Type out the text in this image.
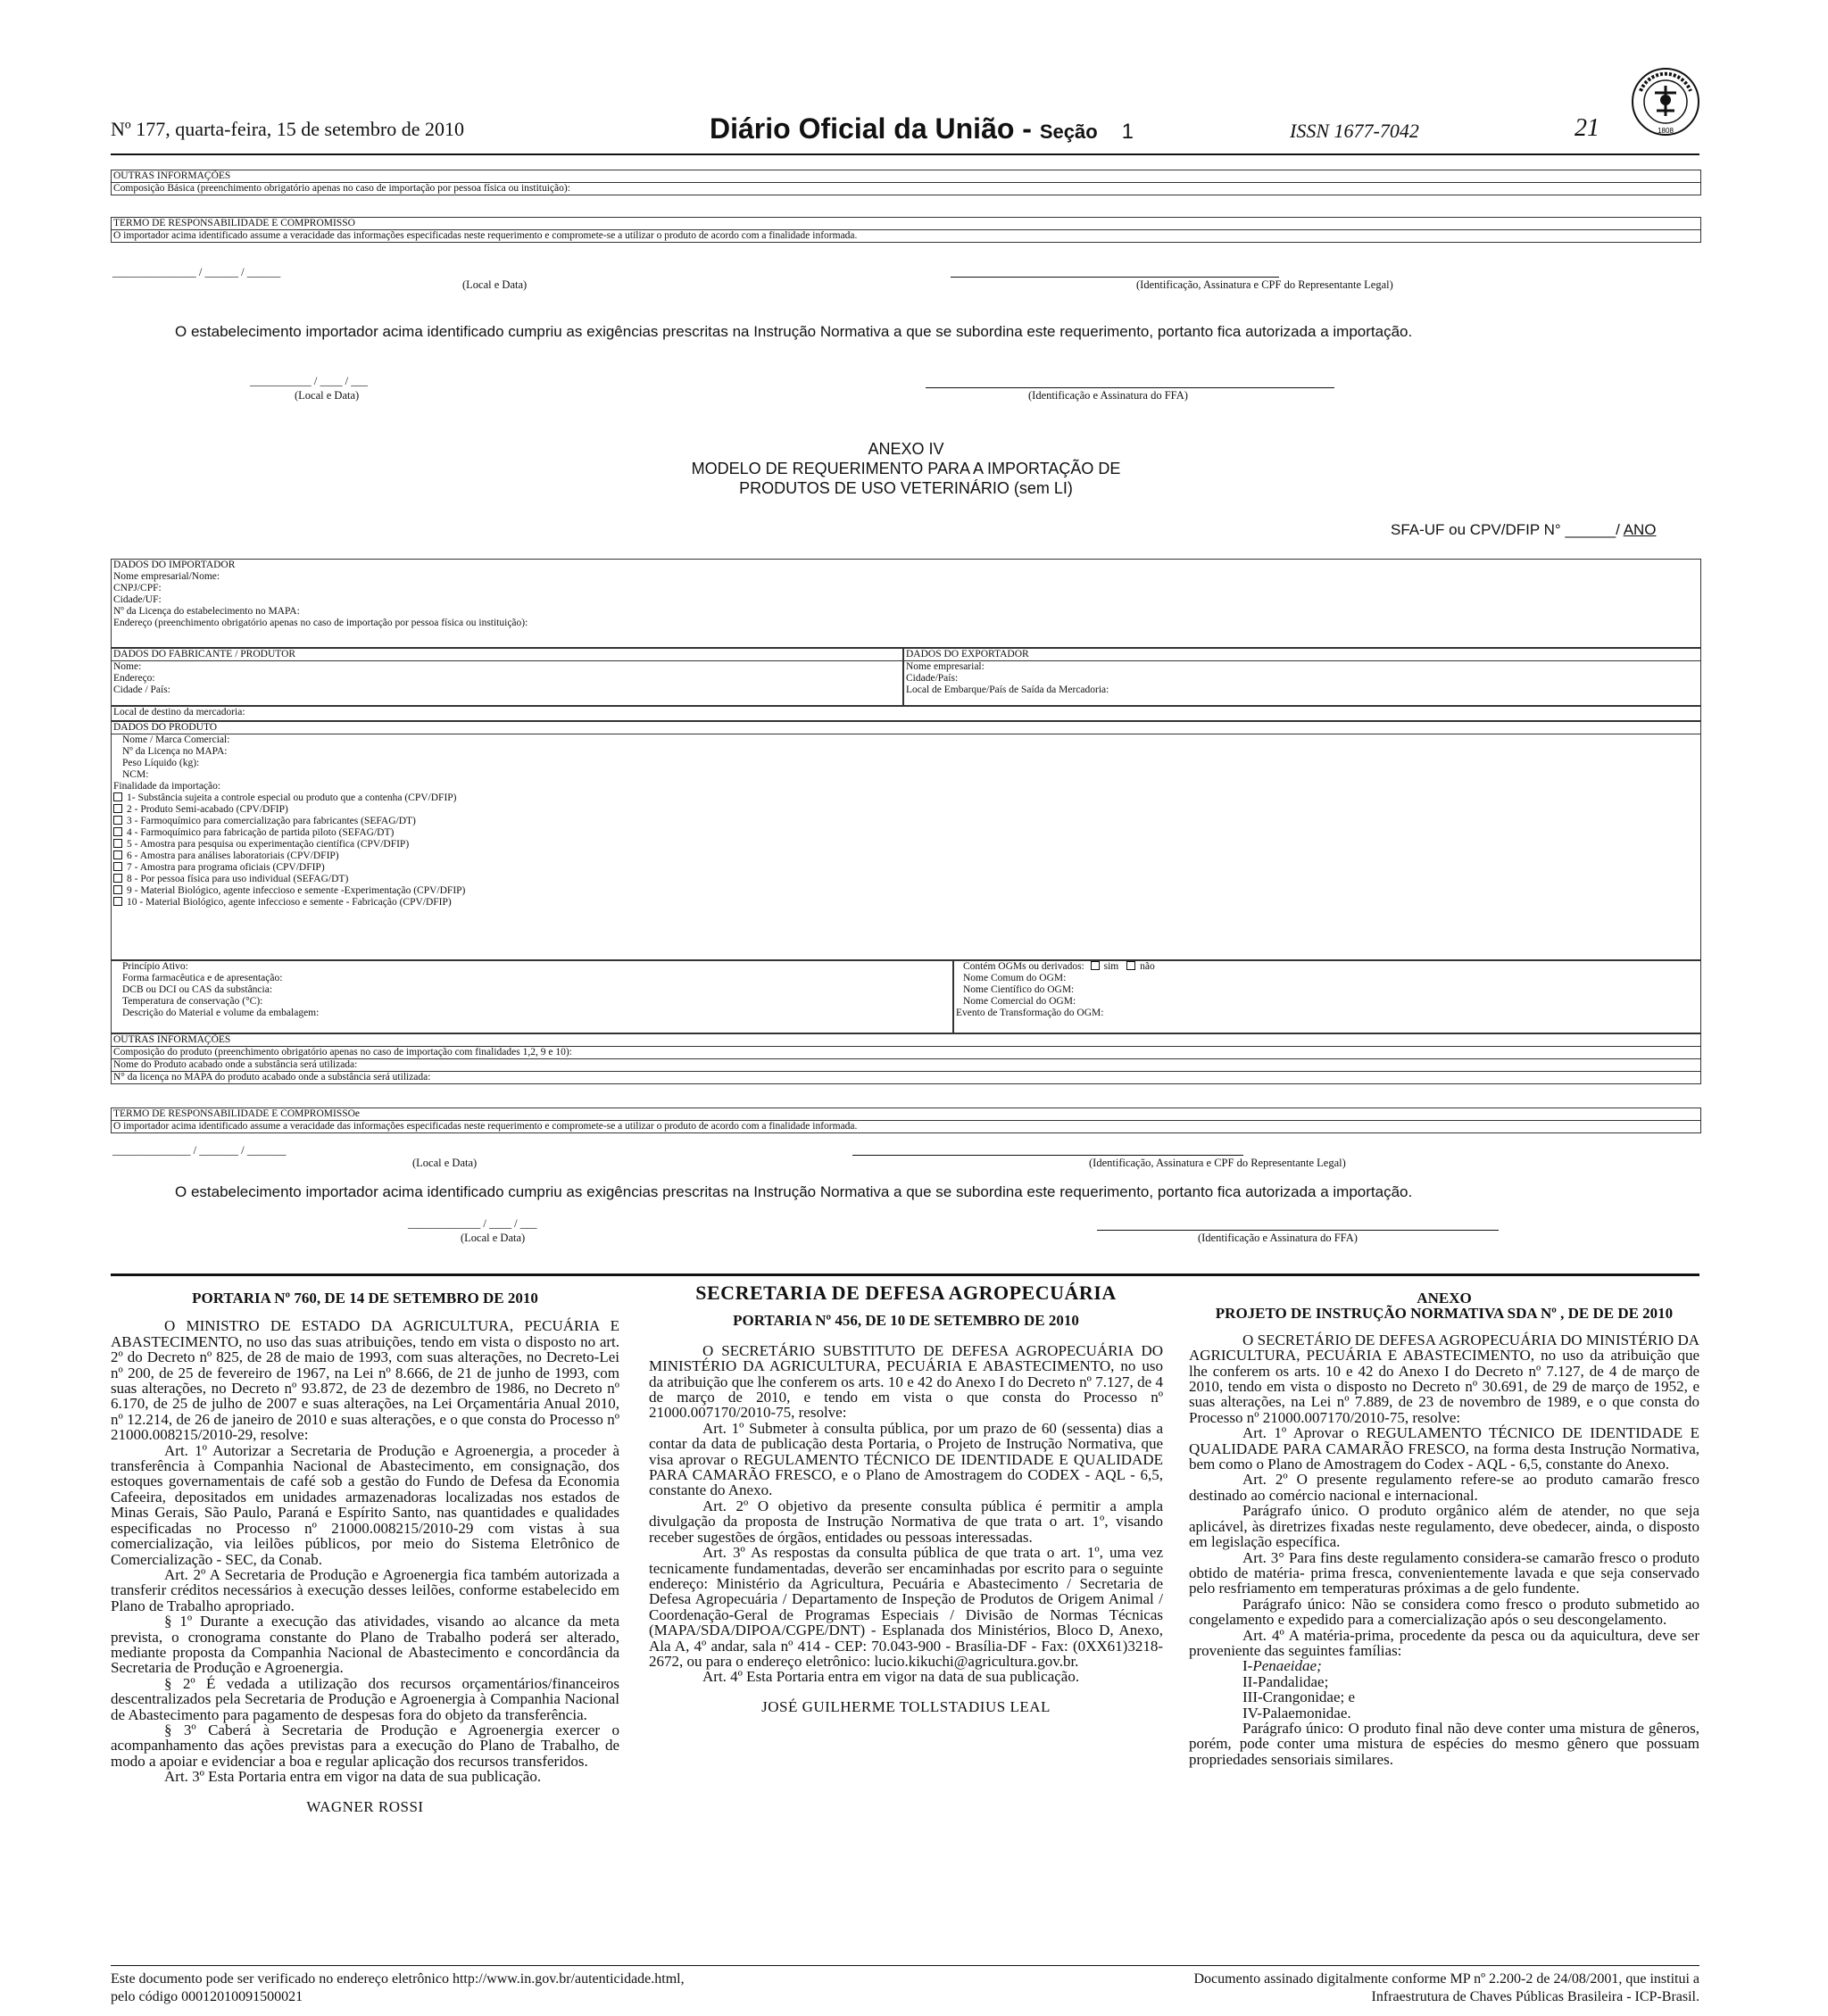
Nº 177, quarta-feira, 15 de setembro de 2010	Diário Oficial da União - Seção 1	ISSN 1677-7042	21	1808
OUTRAS INFORMAÇÕES
Composição Básica (preenchimento obrigatório apenas no caso de importação por pessoa física ou instituição):
TERMO DE RESPONSABILIDADE E COMPROMISSO
O importador acima identificado assume a veracidade das informações especificadas neste requerimento e compromete-se a utilizar o produto de acordo com a finalidade informada.
_______________ / ______ / ______
(Local e Data)	(Identificação, Assinatura e CPF do Representante Legal)
O estabelecimento importador acima identificado cumpriu as exigências prescritas na Instrução Normativa a que se subordina este requerimento, portanto fica autorizada a importação.
___________ / ____ / ___
(Local e Data)	(Identificação e Assinatura do FFA)
ANEXO IV
MODELO DE REQUERIMENTO PARA A IMPORTAÇÃO DE
PRODUTOS DE USO VETERINÁRIO (sem LI)
SFA-UF ou CPV/DFIP N° ______/ ANO
DADOS DO IMPORTADOR
Nome empresarial/Nome:
CNPJ/CPF:
Cidade/UF:
Nº da Licença do estabelecimento no MAPA:
Endereço (preenchimento obrigatório apenas no caso de importação por pessoa física ou instituição):
DADOS DO FABRICANTE / PRODUTOR
Nome:
Endereço:
Cidade / País:
DADOS DO EXPORTADOR
Nome empresarial:
Cidade/País:
Local de Embarque/País de Saída da Mercadoria:
Local de destino da mercadoria:
DADOS DO PRODUTO
Nome / Marca Comercial:
Nº da Licença no MAPA:
Peso Líquido (kg):
NCM:
Finalidade da importação:
1- Substância sujeita a controle especial ou produto que a contenha (CPV/DFIP)
2 - Produto Semi-acabado (CPV/DFIP)
3 - Farmoquímico para comercialização para fabricantes (SEFAG/DT)
4 - Farmoquímico para fabricação de partida piloto (SEFAG/DT)
5 - Amostra para pesquisa ou experimentação científica (CPV/DFIP)
6 - Amostra para análises laboratoriais (CPV/DFIP)
7 - Amostra para programa oficiais (CPV/DFIP)
8 - Por pessoa física para uso individual (SEFAG/DT)
9 - Material Biológico, agente infeccioso e semente -Experimentação (CPV/DFIP)
10 - Material Biológico, agente infeccioso e semente - Fabricação (CPV/DFIP)
Princípio Ativo:
Forma farmacêutica e de apresentação:
DCB ou DCI ou CAS da substância:
Temperatura de conservação (°C):
Descrição do Material e volume da embalagem:
Contém OGMs ou derivados: sim não
Nome Comum do OGM:
Nome Científico do OGM:
Nome Comercial do OGM:
Evento de Transformação do OGM:
OUTRAS INFORMAÇÕES
Composição do produto (preenchimento obrigatório apenas no caso de importação com finalidades 1,2, 9 e 10):
Nome do Produto acabado onde a substância será utilizada:
N° da licença no MAPA do produto acabado onde a substância será utilizada:
TERMO DE RESPONSABILIDADE E COMPROMISSOe
O importador acima identificado assume a veracidade das informações especificadas neste requerimento e compromete-se a utilizar o produto de acordo com a finalidade informada.
______________ / _______ / _______
(Local e Data)	(Identificação, Assinatura e CPF do Representante Legal)
O estabelecimento importador acima identificado cumpriu as exigências prescritas na Instrução Normativa a que se subordina este requerimento, portanto fica autorizada a importação.
_____________ / ____ / ___
(Local e Data)	(Identificação e Assinatura do FFA)

PORTARIA Nº 760, DE 14 DE SETEMBRO DE 2010

O MINISTRO DE ESTADO DA AGRICULTURA, PECUÁRIA E ABASTECIMENTO, no uso das suas atribuições, tendo em vista o disposto no art. 2º do Decreto nº 825, de 28 de maio de 1993, com suas alterações, no Decreto-Lei nº 200, de 25 de fevereiro de 1967, na Lei nº 8.666, de 21 de junho de 1993, com suas alterações, no Decreto nº 93.872, de 23 de dezembro de 1986, no Decreto nº 6.170, de 25 de julho de 2007 e suas alterações, na Lei Orçamentária Anual 2010, nº 12.214, de 26 de janeiro de 2010 e suas alterações, e o que consta do Processo nº 21000.008215/2010-29, resolve:

Art. 1º Autorizar a Secretaria de Produção e Agroenergia, a proceder à transferência à Companhia Nacional de Abastecimento, em consignação, dos estoques governamentais de café sob a gestão do Fundo de Defesa da Economia Cafeeira, depositados em unidades armazenadoras localizadas nos estados de Minas Gerais, São Paulo, Paraná e Espírito Santo, nas quantidades e qualidades especificadas no Processo nº 21000.008215/2010-29 com vistas à sua comercialização, via leilões públicos, por meio do Sistema Eletrônico de Comercialização - SEC, da Conab.

Art. 2º A Secretaria de Produção e Agroenergia fica também autorizada a transferir créditos necessários à execução desses leilões, conforme estabelecido em Plano de Trabalho apropriado.

§ 1º Durante a execução das atividades, visando ao alcance da meta prevista, o cronograma constante do Plano de Trabalho poderá ser alterado, mediante proposta da Companhia Nacional de Abastecimento e concordância da Secretaria de Produção e Agroenergia.

§ 2º É vedada a utilização dos recursos orçamentários/financeiros descentralizados pela Secretaria de Produção e Agroenergia à Companhia Nacional de Abastecimento para pagamento de despesas fora do objeto da transferência.

§ 3º Caberá à Secretaria de Produção e Agroenergia exercer o acompanhamento das ações previstas para a execução do Plano de Trabalho, de modo a apoiar e evidenciar a boa e regular aplicação dos recursos transferidos.

Art. 3º Esta Portaria entra em vigor na data de sua publicação.

WAGNER ROSSI

SECRETARIA DE DEFESA AGROPECUÁRIA

PORTARIA Nº 456, DE 10 DE SETEMBRO DE 2010

O SECRETÁRIO SUBSTITUTO DE DEFESA AGROPECUÁRIA DO MINISTÉRIO DA AGRICULTURA, PECUÁRIA E ABASTECIMENTO, no uso da atribuição que lhe conferem os arts. 10 e 42 do Anexo I do Decreto nº 7.127, de 4 de março de 2010, e tendo em vista o que consta do Processo nº 21000.007170/2010-75, resolve:

Art. 1º Submeter à consulta pública, por um prazo de 60 (sessenta) dias a contar da data de publicação desta Portaria, o Projeto de Instrução Normativa, que visa aprovar o REGULAMENTO TÉCNICO DE IDENTIDADE E QUALIDADE PARA CAMARÃO FRESCO, e o Plano de Amostragem do CODEX - AQL - 6,5, constante do Anexo.

Art. 2º O objetivo da presente consulta pública é permitir a ampla divulgação da proposta de Instrução Normativa de que trata o art. 1º, visando receber sugestões de órgãos, entidades ou pessoas interessadas.

Art. 3º As respostas da consulta pública de que trata o art. 1º, uma vez tecnicamente fundamentadas, deverão ser encaminhadas por escrito para o seguinte endereço: Ministério da Agricultura, Pecuária e Abastecimento / Secretaria de Defesa Agropecuária / Departamento de Inspeção de Produtos de Origem Animal / Coordenação-Geral de Programas Especiais / Divisão de Normas Técnicas (MAPA/SDA/DIPOA/CGPE/DNT) - Esplanada dos Ministérios, Bloco D, Anexo, Ala A, 4º andar, sala nº 414 - CEP: 70.043-900 - Brasília-DF - Fax: (0XX61)3218-2672, ou para o endereço eletrônico: lucio.kikuchi@agricultura.gov.br.

Art. 4º Esta Portaria entra em vigor na data de sua publicação.

JOSÉ GUILHERME TOLLSTADIUS LEAL

ANEXO

PROJETO DE INSTRUÇÃO NORMATIVA SDA Nº , DE DE DE 2010

O SECRETÁRIO DE DEFESA AGROPECUÁRIA DO MINISTÉRIO DA AGRICULTURA, PECUÁRIA E ABASTECIMENTO, no uso da atribuição que lhe conferem os arts. 10 e 42 do Anexo I do Decreto nº 7.127, de 4 de março de 2010, tendo em vista o disposto no Decreto nº 30.691, de 29 de março de 1952, e suas alterações, na Lei nº 7.889, de 23 de novembro de 1989, e o que consta do Processo nº 21000.007170/2010-75, resolve:

Art. 1º Aprovar o REGULAMENTO TÉCNICO DE IDENTIDADE E QUALIDADE PARA CAMARÃO FRESCO, na forma desta Instrução Normativa, bem como o Plano de Amostragem do Codex - AQL - 6,5, constante do Anexo.

Art. 2º O presente regulamento refere-se ao produto camarão fresco destinado ao comércio nacional e internacional.

Parágrafo único. O produto orgânico além de atender, no que seja aplicável, às diretrizes fixadas neste regulamento, deve obedecer, ainda, o disposto em legislação específica.

Art. 3° Para fins deste regulamento considera-se camarão fresco o produto obtido de matéria- prima fresca, convenientemente lavada e que seja conservado pelo resfriamento em temperaturas próximas a de gelo fundente.

Parágrafo único: Não se considera como fresco o produto submetido ao congelamento e expedido para a comercialização após o seu descongelamento.

Art. 4º A matéria-prima, procedente da pesca ou da aquicultura, deve ser proveniente das seguintes famílias:

I-Penaeidae;

II-Pandalidae;

III-Crangonidae; e

IV-Palaemonidae.

Parágrafo único: O produto final não deve conter uma mistura de gêneros, porém, pode conter uma mistura de espécies do mesmo gênero que possuam propriedades sensoriais similares.

Este documento pode ser verificado no endereço eletrônico http://www.in.gov.br/autenticidade.html,
pelo código 00012010091500021
Documento assinado digitalmente conforme MP nº 2.200-2 de 24/08/2001, que institui a
Infraestrutura de Chaves Públicas Brasileira - ICP-Brasil.
